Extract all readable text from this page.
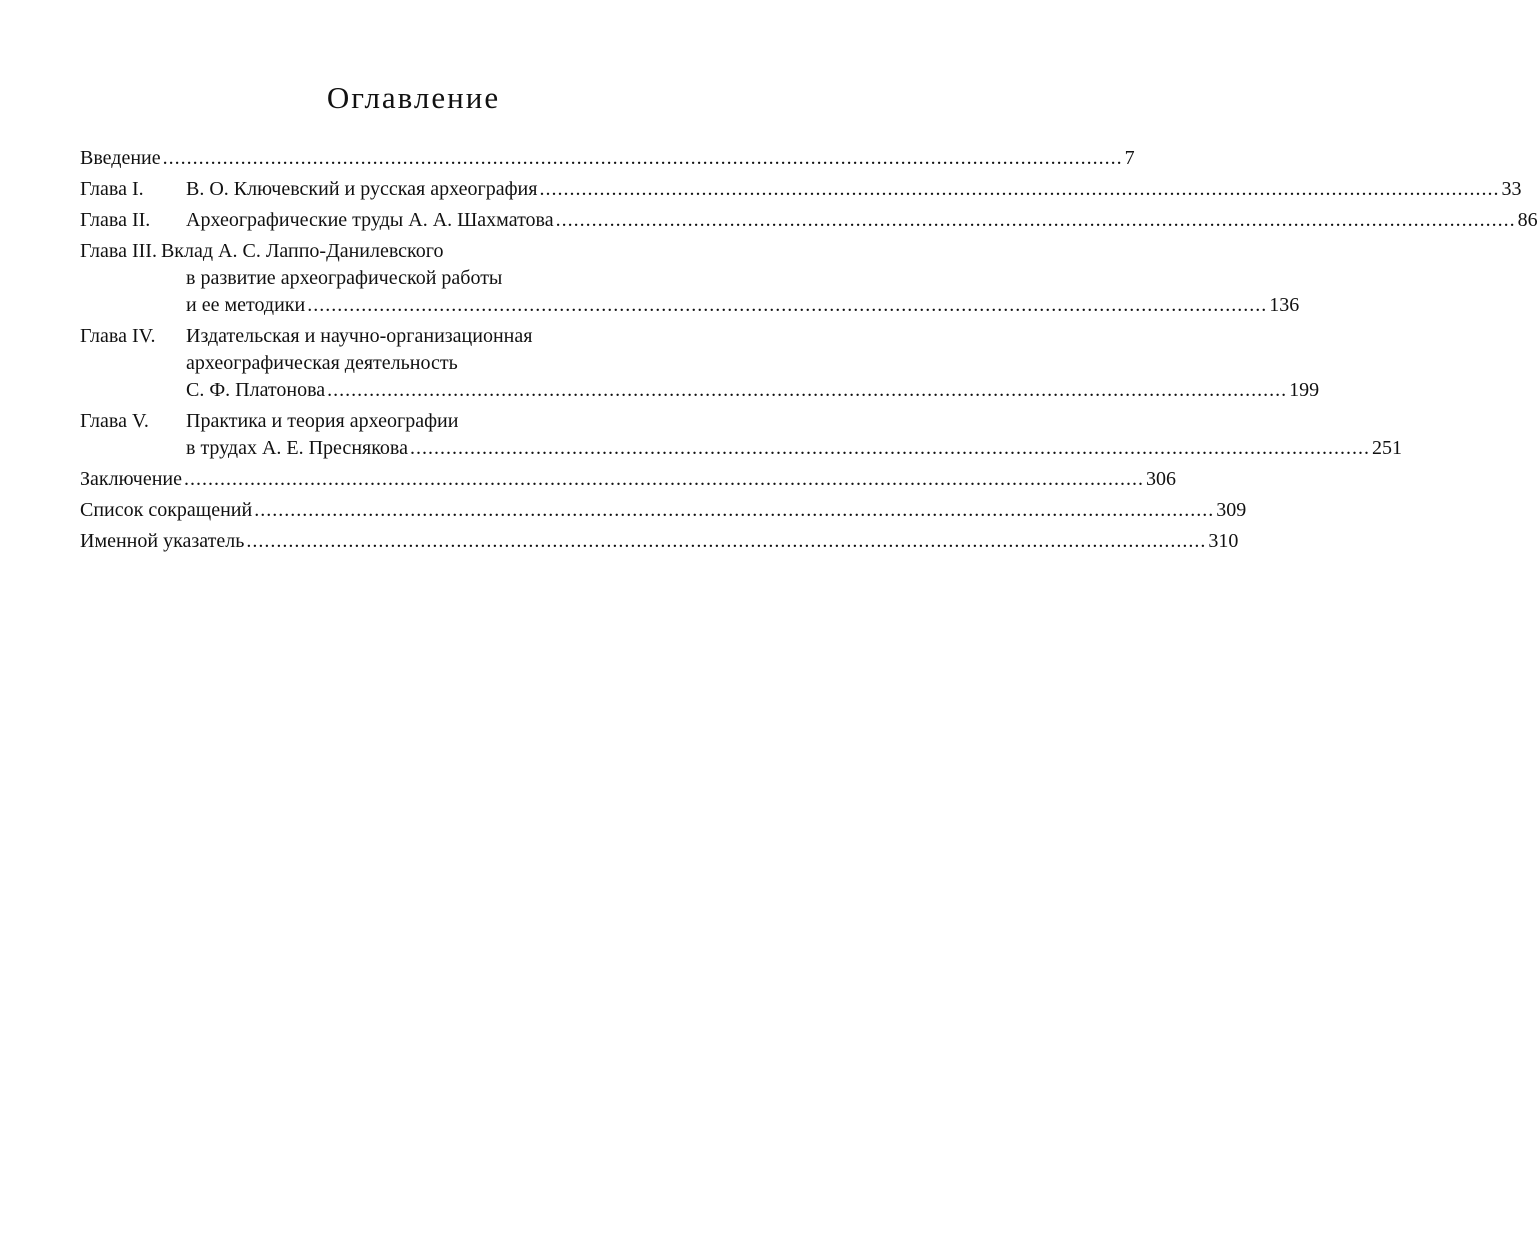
Оглавление
Введение ................................................................................................................................................................ 7
Глава I.	В. О. Ключевский и русская археография ................................................................................................................................................................ 33
Глава II.	Археографические труды А. А. Шахматова ................................................................................................................................................................ 86
Глава III. Вклад А. С. Лаппо-Данилевского
в развитие археографической работы
и ее методики ................................................................................................................................................................ 136
Глава IV.	Издательская и научно-организационная
археографическая деятельность
С. Ф. Платонова ................................................................................................................................................................ 199
Глава V.	Практика и теория археографии
в трудах А. Е. Преснякова ................................................................................................................................................................ 251
Заключение ................................................................................................................................................................ 306
Список сокращений ................................................................................................................................................................ 309
Именной указатель ................................................................................................................................................................ 310
